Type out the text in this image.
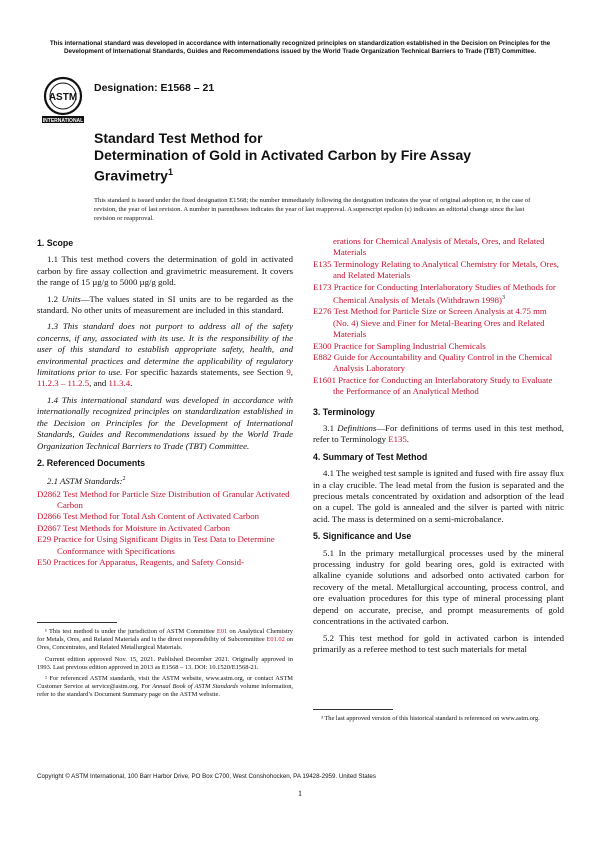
This international standard was developed in accordance with internationally recognized principles on standardization established in the Decision on Principles for the Development of International Standards, Guides and Recommendations issued by the World Trade Organization Technical Barriers to Trade (TBT) Committee.
ASTM
INTERNATIONAL
Designation: E1568 – 21
Standard Test Method for
Determination of Gold in Activated Carbon by Fire Assay Gravimetry$^1$
This standard is issued under the fixed designation E1568; the number immediately following the designation indicates the year of original adoption or, in the case of revision, the year of last revision. A number in parentheses indicates the year of last reapproval. A superscript epsilon (ε) indicates an editorial change since the last revision or reapproval.
1. Scope

1.1 This test method covers the determination of gold in activated carbon by fire assay collection and gravimetric measurement. It covers the range of 15 µg/g to 5000 µg/g gold.

1.2 Units—The values stated in SI units are to be regarded as the standard. No other units of measurement are included in this standard.

1.3 This standard does not purport to address all of the safety concerns, if any, associated with its use. It is the responsibility of the user of this standard to establish appropriate safety, health, and environmental practices and determine the applicability of regulatory limitations prior to use. For specific hazards statements, see Section 9, 11.2.3 – 11.2.5, and 11.3.4.

1.4 This international standard was developed in accordance with internationally recognized principles on standardization established in the Decision on Principles for the Development of International Standards, Guides and Recommendations issued by the World Trade Organization Technical Barriers to Trade (TBT) Committee.

2. Referenced Documents

2.1 ASTM Standards:$^2$

D2862 Test Method for Particle Size Distribution of Granular Activated Carbon
D2866 Test Method for Total Ash Content of Activated Carbon
D2867 Test Methods for Moisture in Activated Carbon
E29 Practice for Using Significant Digits in Test Data to Determine Conformance with Specifications
E50 Practices for Apparatus, Reagents, and Safety Consid-
¹ This test method is under the jurisdiction of ASTM Committee E01 on Analytical Chemistry for Metals, Ores, and Related Materials and is the direct responsibility of Subcommittee E01.02 on Ores, Concentrates, and Related Metallurgical Materials.
Current edition approved Nov. 15, 2021. Published December 2021. Originally approved in 1993. Last previous edition approved in 2013 as E1568 – 13. DOI: 10.1520/E1568-21.
² For referenced ASTM standards, visit the ASTM website, www.astm.org, or contact ASTM Customer Service at service@astm.org. For Annual Book of ASTM Standards volume information, refer to the standard’s Document Summary page on the ASTM website.
erations for Chemical Analysis of Metals, Ores, and Related Materials
E135 Terminology Relating to Analytical Chemistry for Metals, Ores, and Related Materials
E173 Practice for Conducting Interlaboratory Studies of Methods for Chemical Analysis of Metals (Withdrawn 1998)$^3$
E276 Test Method for Particle Size or Screen Analysis at 4.75 mm (No. 4) Sieve and Finer for Metal-Bearing Ores and Related Materials
E300 Practice for Sampling Industrial Chemicals
E882 Guide for Accountability and Quality Control in the Chemical Analysis Laboratory
E1601 Practice for Conducting an Interlaboratory Study to Evaluate the Performance of an Analytical Method
3. Terminology

3.1 Definitions—For definitions of terms used in this test method, refer to Terminology E135.

4. Summary of Test Method

4.1 The weighed test sample is ignited and fused with fire assay flux in a clay crucible. The lead metal from the fusion is separated and the precious metals concentrated by oxidation and adsorption of the lead on a cupel. The gold is annealed and the silver is parted with nitric acid. The mass is determined on a semi-microbalance.

5. Significance and Use

5.1 In the primary metallurgical processes used by the mineral processing industry for gold bearing ores, gold is extracted with alkaline cyanide solutions and adsorbed onto activated carbon for recovery of the metal. Metallurgical accounting, process control, and ore evaluation procedures for this type of mineral processing plant depend on accurate, precise, and prompt measurements of gold concentrations in the activated carbon.

5.2 This test method for gold in activated carbon is intended primarily as a referee method to test such materials for metal

³ The last approved version of this historical standard is referenced on www.astm.org.
Copyright © ASTM International, 100 Barr Harbor Drive, PO Box C700, West Conshohocken, PA 19428-2959. United States
1
